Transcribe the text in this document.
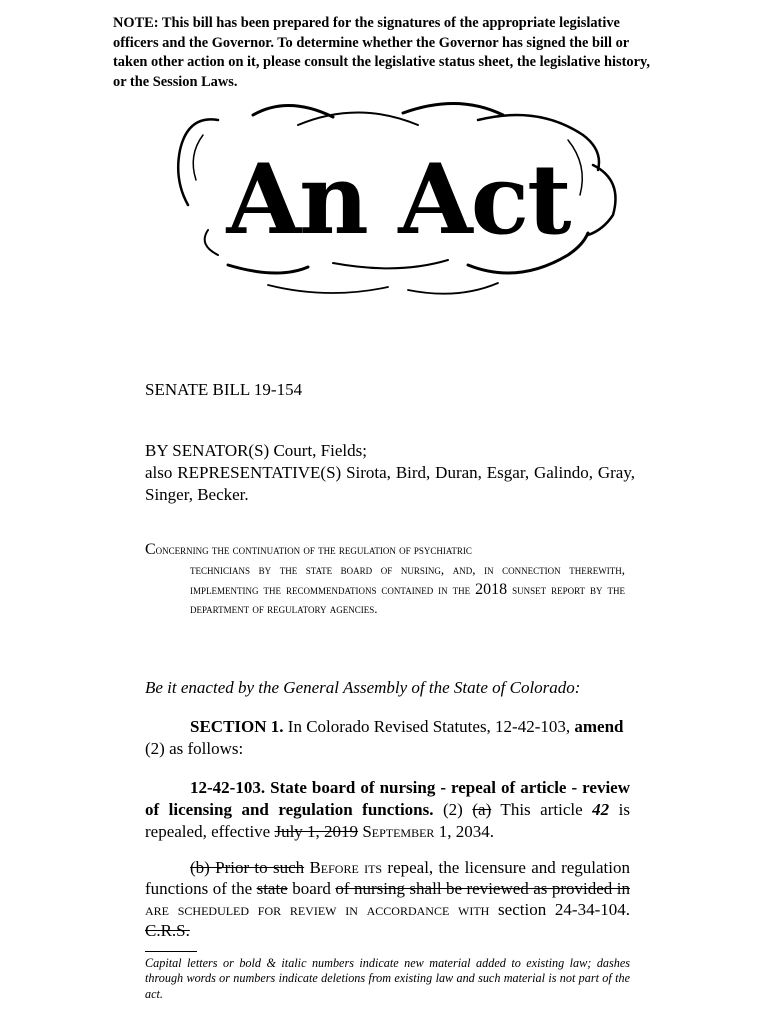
NOTE: This bill has been prepared for the signatures of the appropriate legislative officers and the Governor. To determine whether the Governor has signed the bill or taken other action on it, please consult the legislative status sheet, the legislative history, or the Session Laws.
An Act
SENATE BILL 19-154
BY SENATOR(S) Court, Fields;
also REPRESENTATIVE(S) Sirota, Bird, Duran, Esgar, Galindo, Gray, Singer, Becker.
Concerning the continuation of the regulation of psychiatric
technicians by the state board of nursing, and, in connection therewith, implementing the recommendations contained in the 2018 sunset report by the department of regulatory agencies.
Be it enacted by the General Assembly of the State of Colorado:
SECTION 1. In Colorado Revised Statutes, 12-42-103, amend (2) as follows:
12-42-103. State board of nursing - repeal of article - review of licensing and regulation functions. (2) (a) This article 42 is repealed, effective July 1, 2019 September 1, 2034.
(b) Prior to such Before its repeal, the licensure and regulation functions of the state board of nursing shall be reviewed as provided in are scheduled for review in accordance with section 24-34-104. C.R.S.
Capital letters or bold & italic numbers indicate new material added to existing law; dashes through words or numbers indicate deletions from existing law and such material is not part of the act.
